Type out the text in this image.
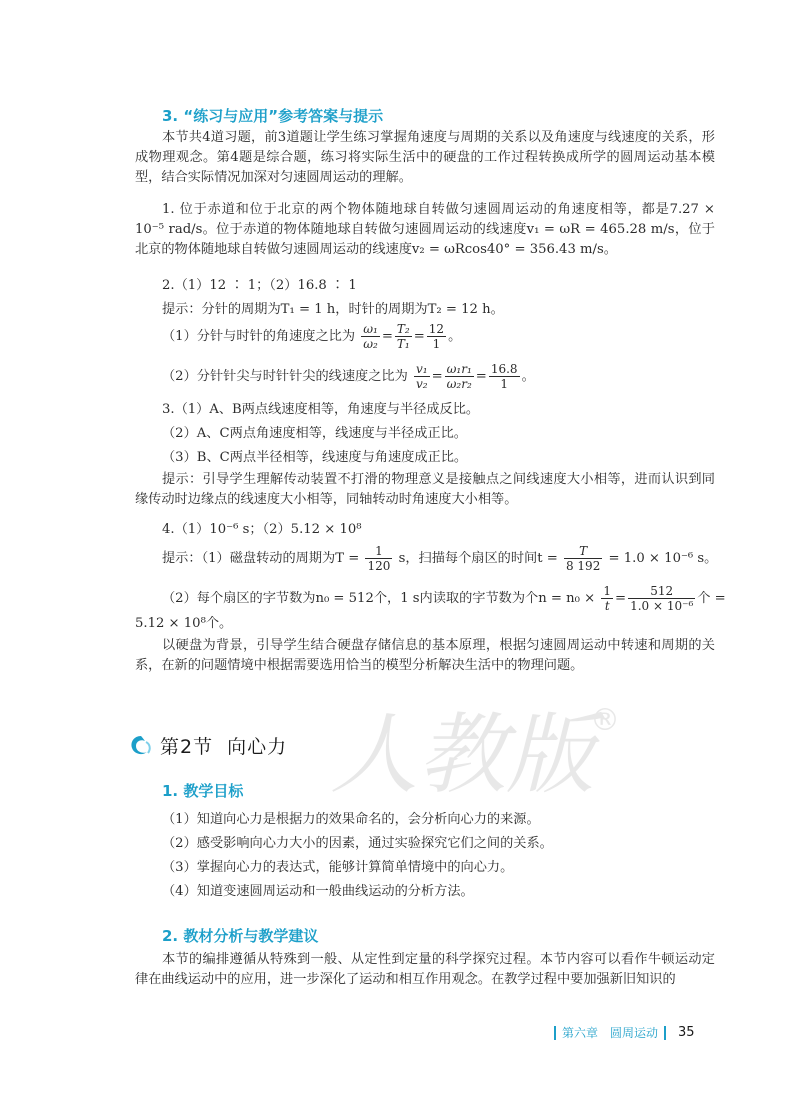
3. “练习与应用”参考答案与提示
本节共4道习题，前3道题让学生练习掌握角速度与周期的关系以及角速度与线速度的关系，形成物理观念。第4题是综合题，练习将实际生活中的硬盘的工作过程转换成所学的圆周运动基本模型，结合实际情况加深对匀速圆周运动的理解。
1. 位于赤道和位于北京的两个物体随地球自转做匀速圆周运动的角速度相等，都是7.27 × 10⁻⁵ rad/s。位于赤道的物体随地球自转做匀速圆周运动的线速度v₁ = ωR = 465.28 m/s，位于北京的物体随地球自转做匀速圆周运动的线速度v₂ = ωRcos40° = 356.43 m/s。
2.（1）12 ∶ 1；（2）16.8 ∶ 1
提示：分针的周期为T₁ = 1 h，时针的周期为T₂ = 12 h。
（1）分针与时针的角速度之比为 $\frac{\text{ω₁}}{\text{ω₂}} = \frac{\text{T₂}}{\text{T₁}} = \frac{12}{1}$ 。
（2）分针针尖与时针针尖的线速度之比为 $\frac{\text{v₁}}{\text{v₂}} = \frac{\text{ω₁r₁}}{\text{ω₂r₂}} = \frac{16.8}{1}$ 。
3.（1）A、B两点线速度相等，角速度与半径成反比。
（2）A、C两点角速度相等，线速度与半径成正比。
（3）B、C两点半径相等，线速度与角速度成正比。
提示：引导学生理解传动装置不打滑的物理意义是接触点之间线速度大小相等，进而认识到同缘传动时边缘点的线速度大小相等，同轴转动时角速度大小相等。
4.（1）10⁻⁶ s；（2）5.12 × 10⁸
提示：（1）磁盘转动的周期为$T = \frac{1}{120}$ s，扫描每个扇区的时间$t = \frac{T}{8 192} = 1.0 \times 10^{-6}$ s。
（2）每个扇区的字节数为n₀ = 512个，1 s内读取的字节数为个$n = n_0 \times \frac{1}{t} = \frac{512}{\text{1.0 × 10⁻⁶}}$ 个 =
5.12 × 10⁸个。
以硬盘为背景，引导学生结合硬盘存储信息的基本原理，根据匀速圆周运动中转速和周期的关系，在新的问题情境中根据需要选用恰当的模型分析解决生活中的物理问题。
人教版
®
第2节 向心力
1. 教学目标
（1）知道向心力是根据力的效果命名的，会分析向心力的来源。
（2）感受影响向心力大小的因素，通过实验探究它们之间的关系。
（3）掌握向心力的表达式，能够计算简单情境中的向心力。
（4）知道变速圆周运动和一般曲线运动的分析方法。
2. 教材分析与教学建议
本节的编排遵循从特殊到一般、从定性到定量的科学探究过程。本节内容可以看作牛顿运动定律在曲线运动中的应用，进一步深化了运动和相互作用观念。在教学过程中要加强新旧知识的
第六章　圆周运动 35
